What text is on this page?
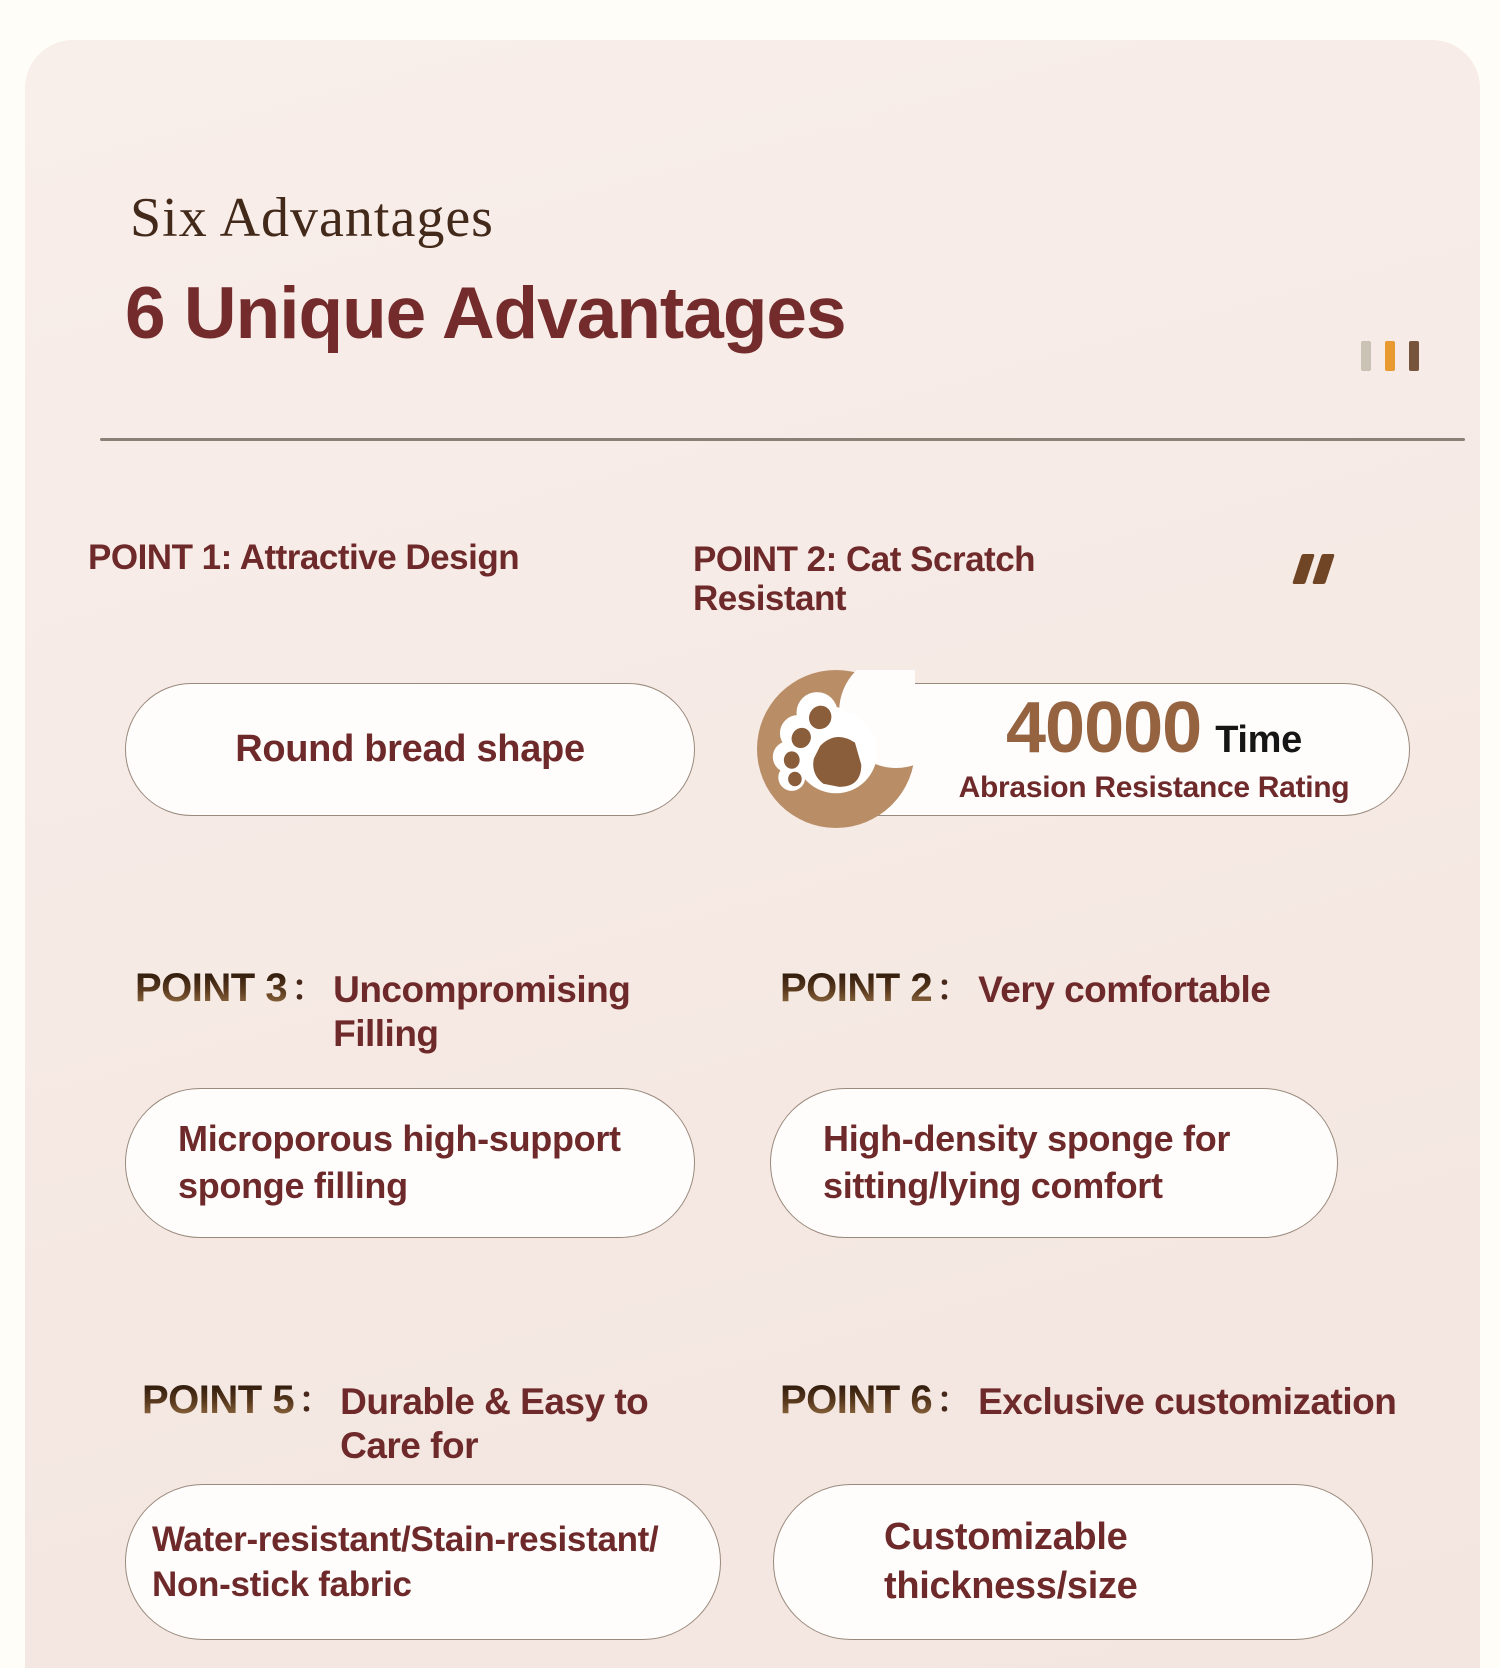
Six Advantages
6 Unique Advantages
POINT 1: Attractive Design	POINT 2: Cat Scratch
Resistant
Round bread shape	40000 Time
Abrasion Resistance Rating
POINT 3 ： Uncompromising Filling
POINT 2 ： Very comfortable
Microporous high-support
sponge filling
High-density sponge for
sitting/lying comfort
POINT 5 ： Durable & Easy to
Care for
POINT 6 ： Exclusive customization
Water-resistant/Stain-resistant/
Non-stick fabric
Customizable
thickness/size
